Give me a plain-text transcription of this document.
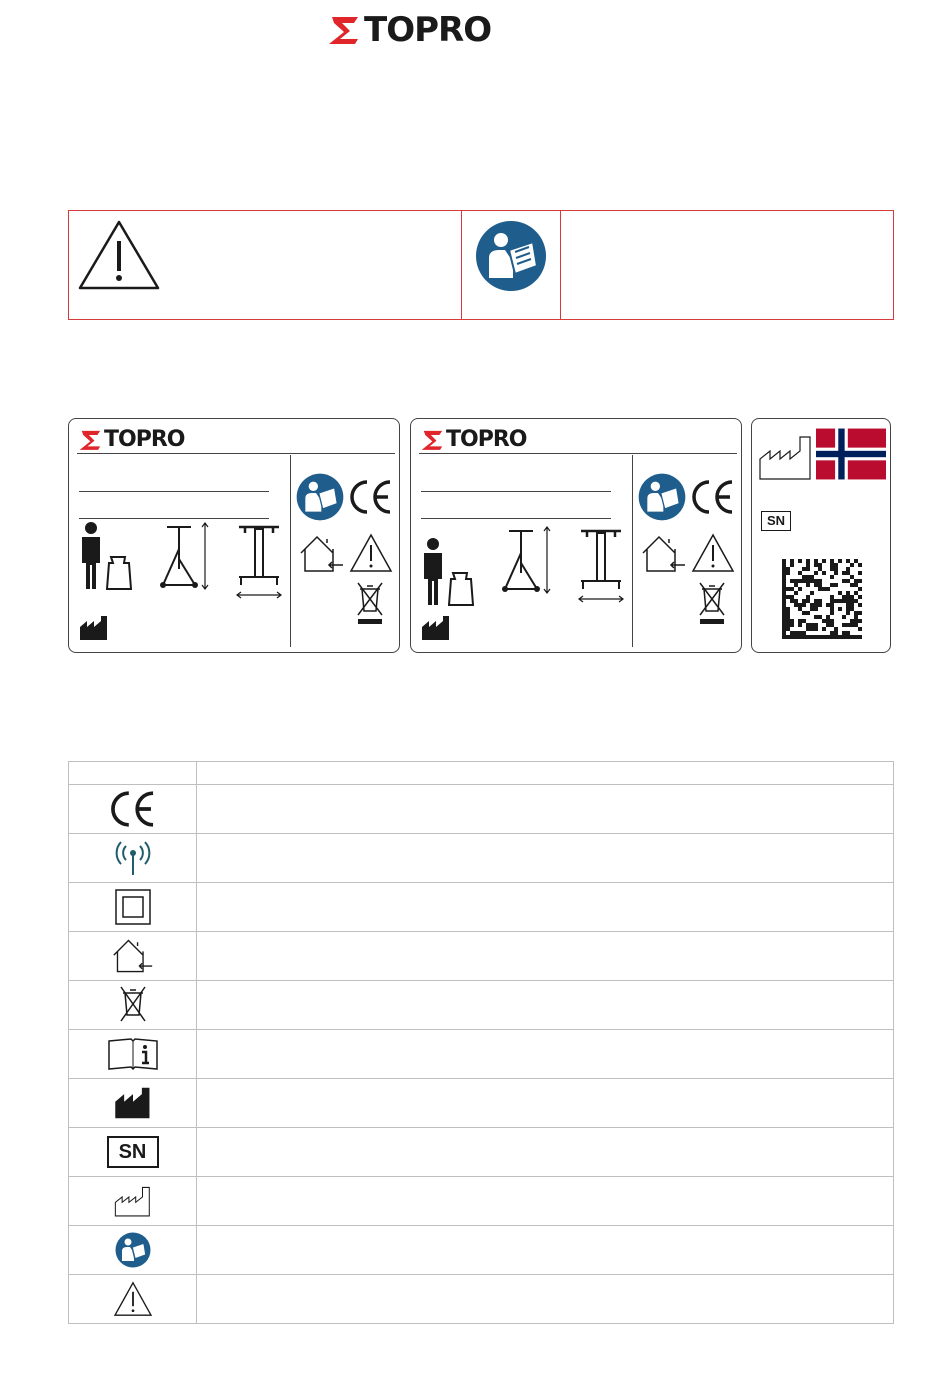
TOPRO
TOPRO	TOPRO
SN

SN	
